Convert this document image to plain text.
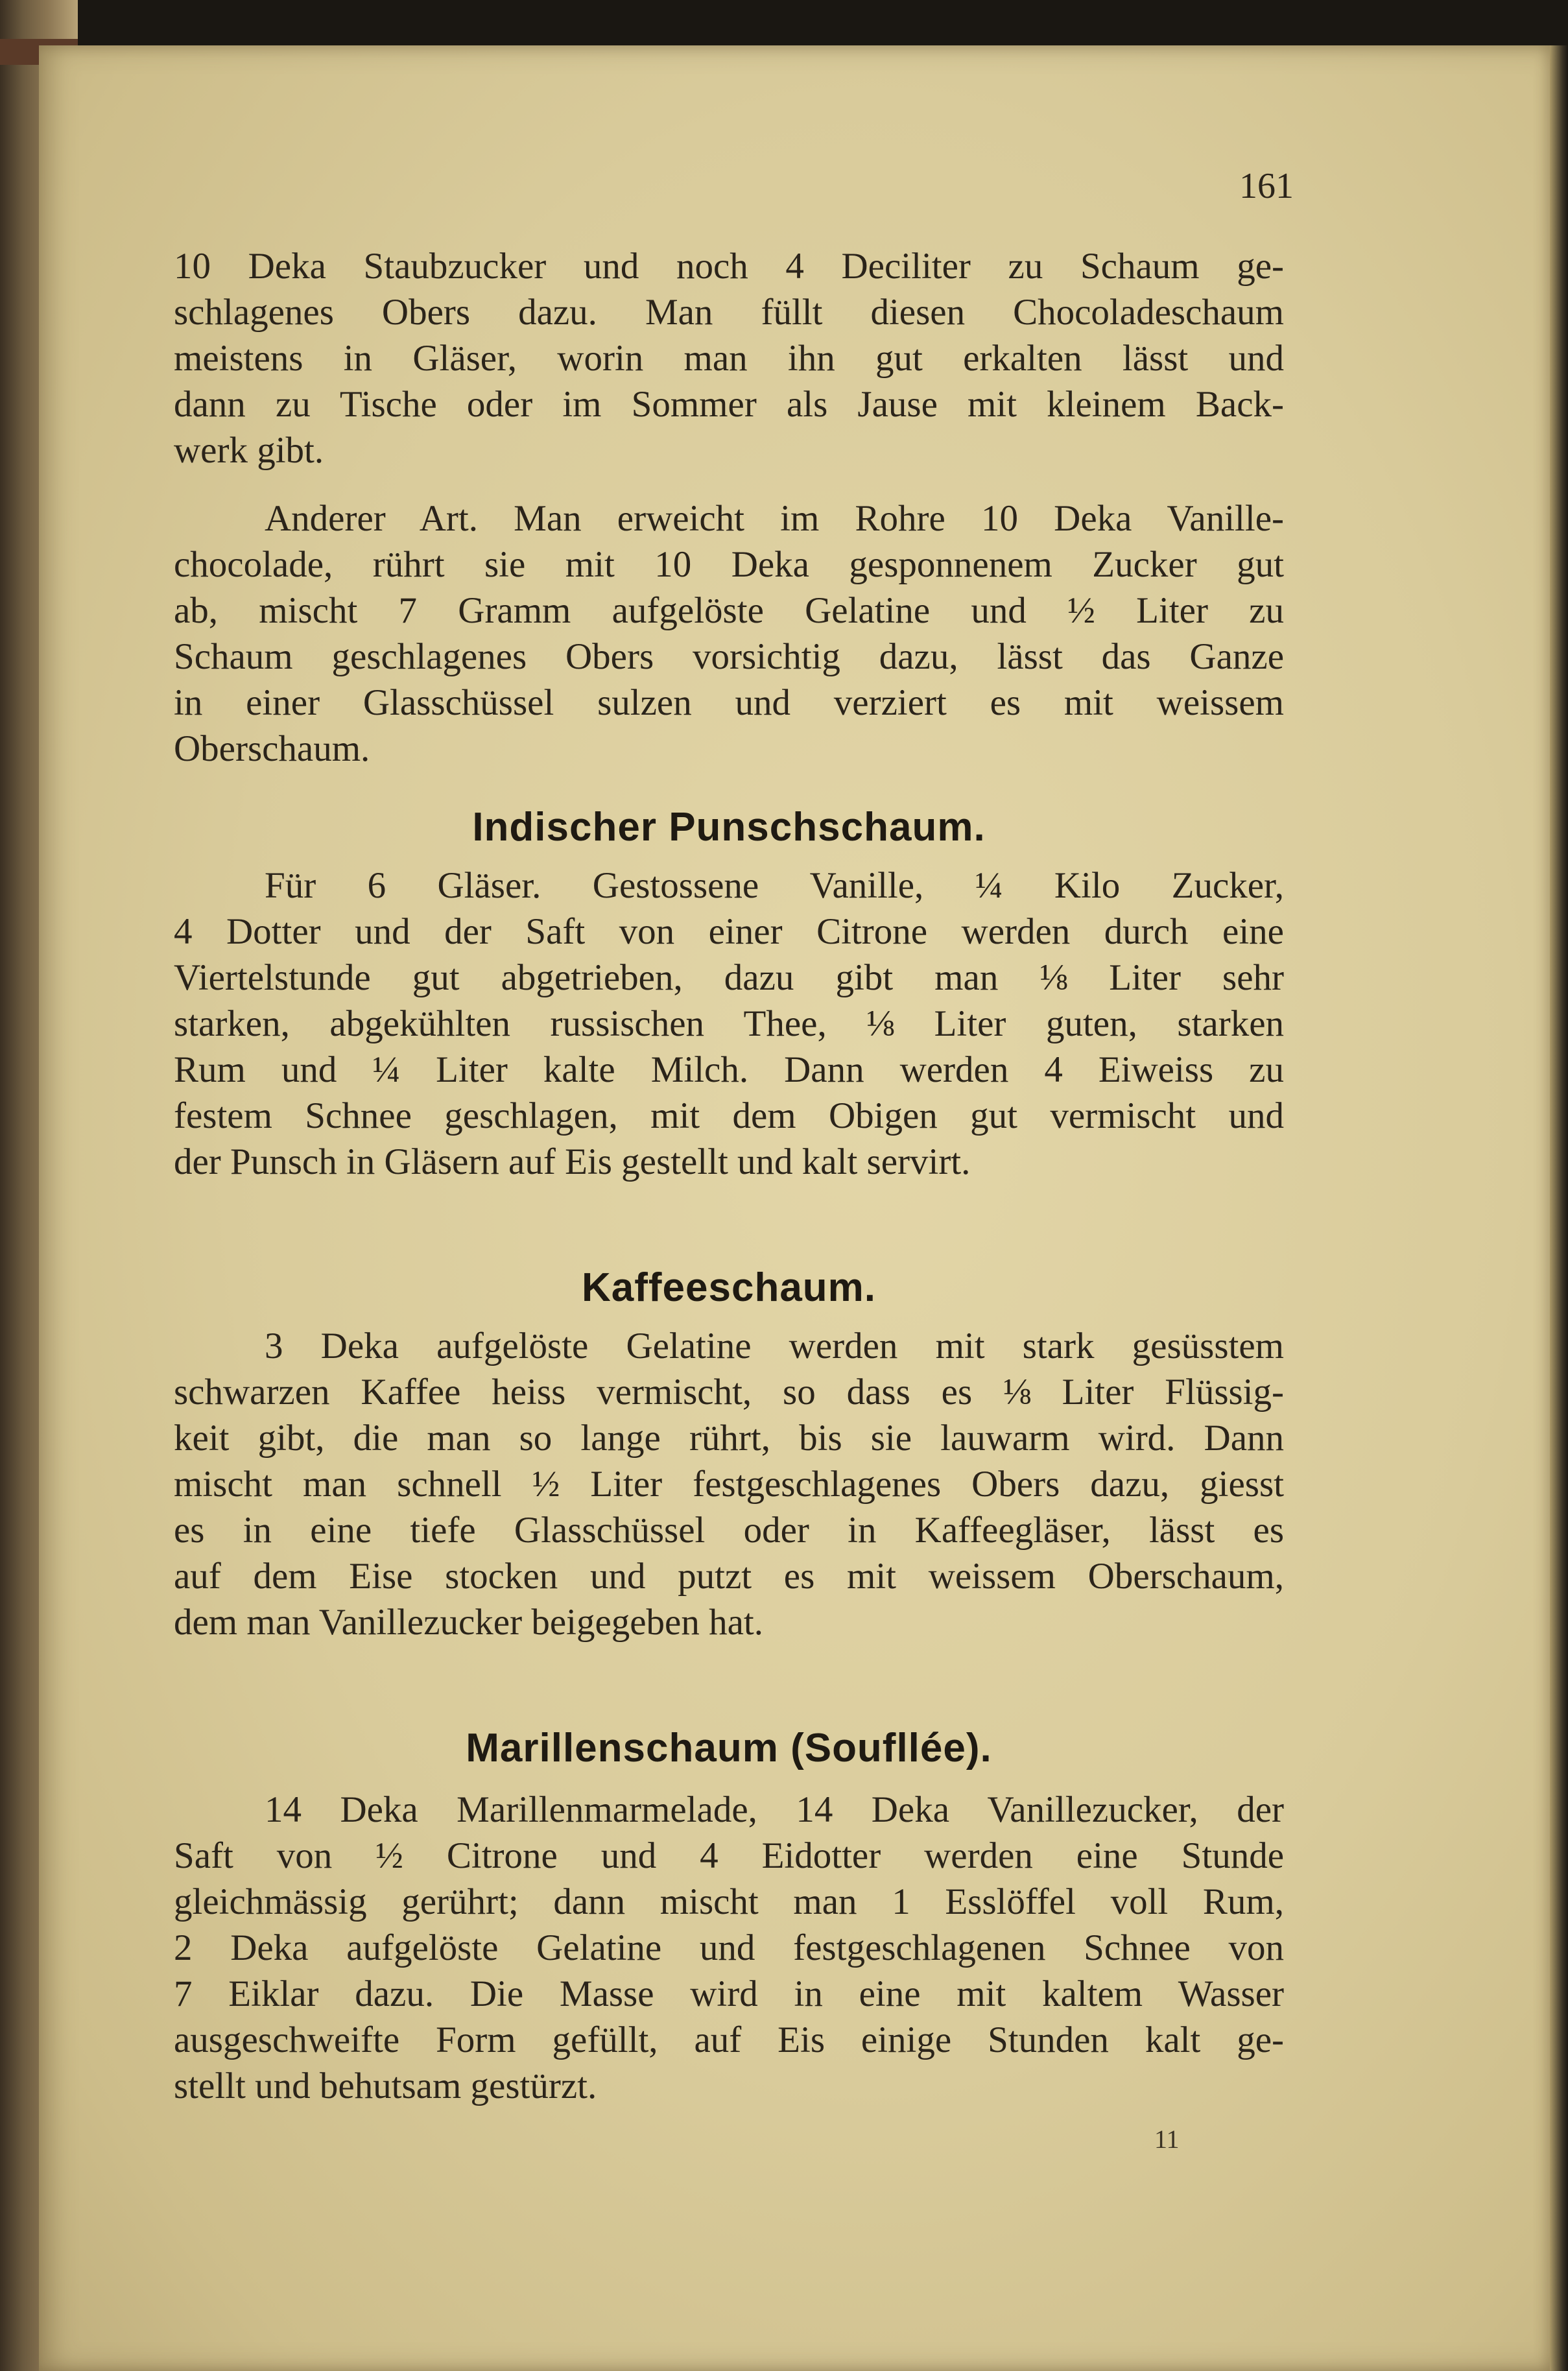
161

10 Deka Staubzucker und noch 4 Deciliter zu Schaum ge-
schlagenes Obers dazu. Man füllt diesen Chocoladeschaum
meistens in Gläser, worin man ihn gut erkalten lässt und
dann zu Tische oder im Sommer als Jause mit kleinem Back-
werk gibt.

Anderer Art. Man erweicht im Rohre 10 Deka Vanille-
chocolade, rührt sie mit 10 Deka gesponnenem Zucker gut
ab, mischt 7 Gramm aufgelöste Gelatine und ½ Liter zu
Schaum geschlagenes Obers vorsichtig dazu, lässt das Ganze
in einer Glasschüssel sulzen und verziert es mit weissem
Oberschaum.

Indischer Punschschaum.

Für 6 Gläser. Gestossene Vanille, ¼ Kilo Zucker,
4 Dotter und der Saft von einer Citrone werden durch eine
Viertelstunde gut abgetrieben, dazu gibt man ⅛ Liter sehr
starken, abgekühlten russischen Thee, ⅛ Liter guten, starken
Rum und ¼ Liter kalte Milch. Dann werden 4 Eiweiss zu
festem Schnee geschlagen, mit dem Obigen gut vermischt und
der Punsch in Gläsern auf Eis gestellt und kalt servirt.

Kaffeeschaum.

3 Deka aufgelöste Gelatine werden mit stark gesüsstem
schwarzen Kaffee heiss vermischt, so dass es ⅛ Liter Flüssig-
keit gibt, die man so lange rührt, bis sie lauwarm wird. Dann
mischt man schnell ½ Liter festgeschlagenes Obers dazu, giesst
es in eine tiefe Glasschüssel oder in Kaffeegläser, lässt es
auf dem Eise stocken und putzt es mit weissem Oberschaum,
dem man Vanillezucker beigegeben hat.

Marillenschaum (Soufllée).

14 Deka Marillenmarmelade, 14 Deka Vanillezucker, der
Saft von ½ Citrone und 4 Eidotter werden eine Stunde
gleichmässig gerührt; dann mischt man 1 Esslöffel voll Rum,
2 Deka aufgelöste Gelatine und festgeschlagenen Schnee von
7 Eiklar dazu. Die Masse wird in eine mit kaltem Wasser
ausgeschweifte Form gefüllt, auf Eis einige Stunden kalt ge-
stellt und behutsam gestürzt.

11
